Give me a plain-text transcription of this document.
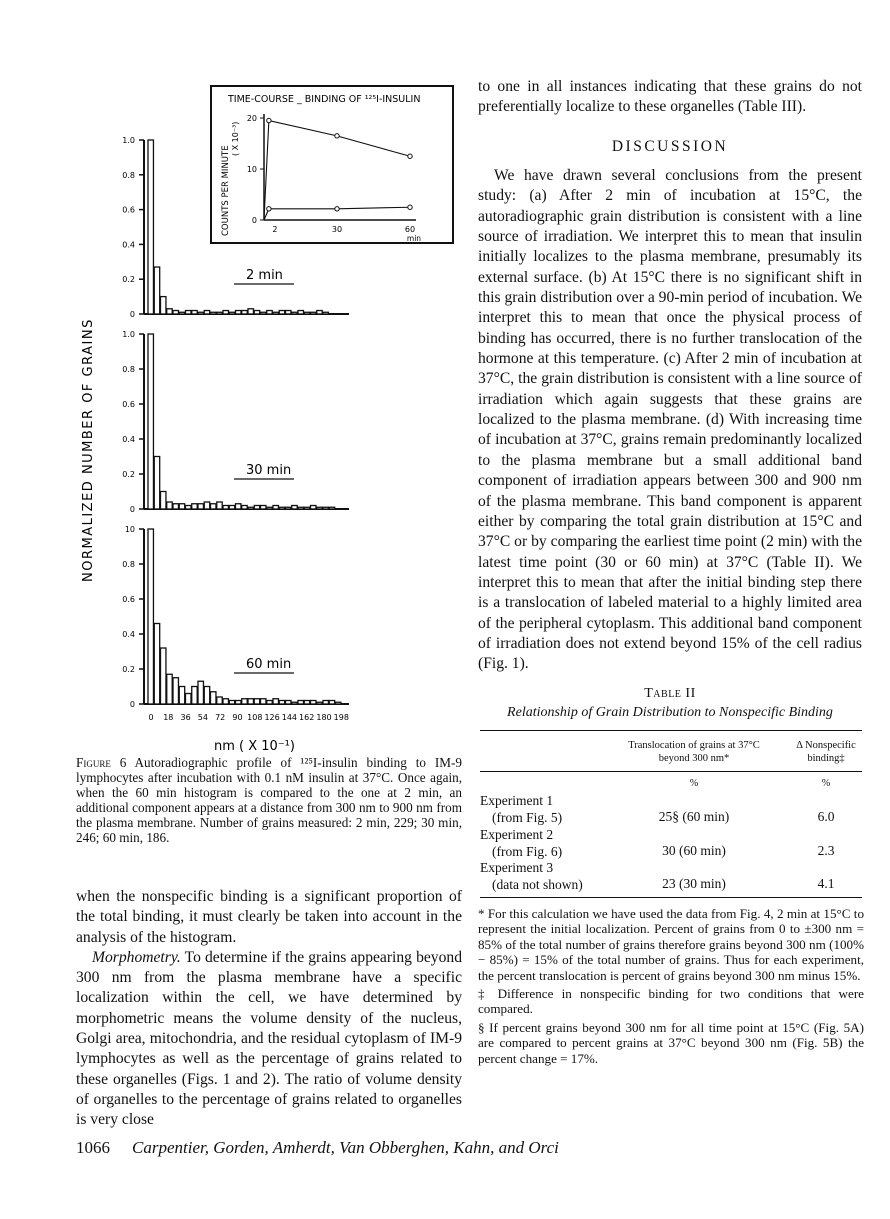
NORMALIZED NUMBER OF GRAINS
TIME-COURSE _ BINDING OF ¹²⁵I-INSULIN
COUNTS PER MINUTE
( X 10⁻³)
20
10
0
2	30	60
min
1.0
0.8
0.6
0.4
0.2
0
2 min
1.0
0.8
0.6
0.4
0.2
0
30 min
10
0.8
0.6
0.4
0.2
0
60 min
0 18 36 54 72 90 108 126 144 162 180 198
nm ( X 10⁻¹)
Figure 6 Autoradiographic profile of ¹²⁵I-insulin binding to IM-9 lymphocytes after incubation with 0.1 nM insulin at 37°C. Once again, when the 60 min histogram is compared to the one at 2 min, an additional component appears at a distance from 300 nm to 900 nm from the plasma membrane. Number of grains measured: 2 min, 229; 30 min, 246; 60 min, 186.

when the nonspecific binding is a significant proportion of the total binding, it must clearly be taken into account in the analysis of the histogram.

Morphometry. To determine if the grains appearing beyond 300 nm from the plasma membrane have a specific localization within the cell, we have determined by morphometric means the volume density of the nucleus, Golgi area, mitochondria, and the residual cytoplasm of IM-9 lymphocytes as well as the percentage of grains related to these organelles (Figs. 1 and 2). The ratio of volume density of organelles to the percentage of grains related to organelles is very close

to one in all instances indicating that these grains do not preferentially localize to these organelles (Table III).

DISCUSSION

We have drawn several conclusions from the present study: (a) After 2 min of incubation at 15°C, the autoradiographic grain distribution is consistent with a line source of irradiation. We interpret this to mean that insulin initially localizes to the plasma membrane, presumably its external surface. (b) At 15°C there is no significant shift in this grain distribution over a 90-min period of incubation. We interpret this to mean that once the physical process of binding has occurred, there is no further translocation of the hormone at this temperature. (c) After 2 min of incubation at 37°C, the grain distribution is consistent with a line source of irradiation which again suggests that these grains are localized to the plasma membrane. (d) With increasing time of incubation at 37°C, grains remain predominantly localized to the plasma membrane but a small additional band component of irradiation appears between 300 and 900 nm of the plasma membrane. This band component is apparent either by comparing the total grain distribution at 15°C and 37°C or by comparing the earliest time point (2 min) with the latest time point (30 or 60 min) at 37°C (Table II). We interpret this to mean that after the initial binding step there is a translocation of labeled material to a highly limited area of the peripheral cytoplasm. This additional band component of irradiation does not extend beyond 15% of the cell radius (Fig. 1).

Table II
Relationship of Grain Distribution to Nonspecific Binding
Translocation of grains at 37°C beyond 300 nm*
Δ Nonspecific binding‡
%	%
Experiment 1
(from Fig. 5)	25§ (60 min)	6.0
Experiment 2
(from Fig. 6)	30 (60 min)	2.3
Experiment 3
(data not shown)	23 (30 min)	4.1

* For this calculation we have used the data from Fig. 4, 2 min at 15°C to represent the initial localization. Percent of grains from 0 to ±300 nm = 85% of the total number of grains therefore grains beyond 300 nm (100% − 85%) = 15% of the total number of grains. Thus for each experiment, the percent translocation is percent of grains beyond 300 nm minus 15%.

‡ Difference in nonspecific binding for two conditions that were compared.

§ If percent grains beyond 300 nm for all time point at 15°C (Fig. 5A) are compared to percent grains at 37°C beyond 300 nm (Fig. 5B) the percent change = 17%.

1066 Carpentier, Gorden, Amherdt, Van Obberghen, Kahn, and Orci
